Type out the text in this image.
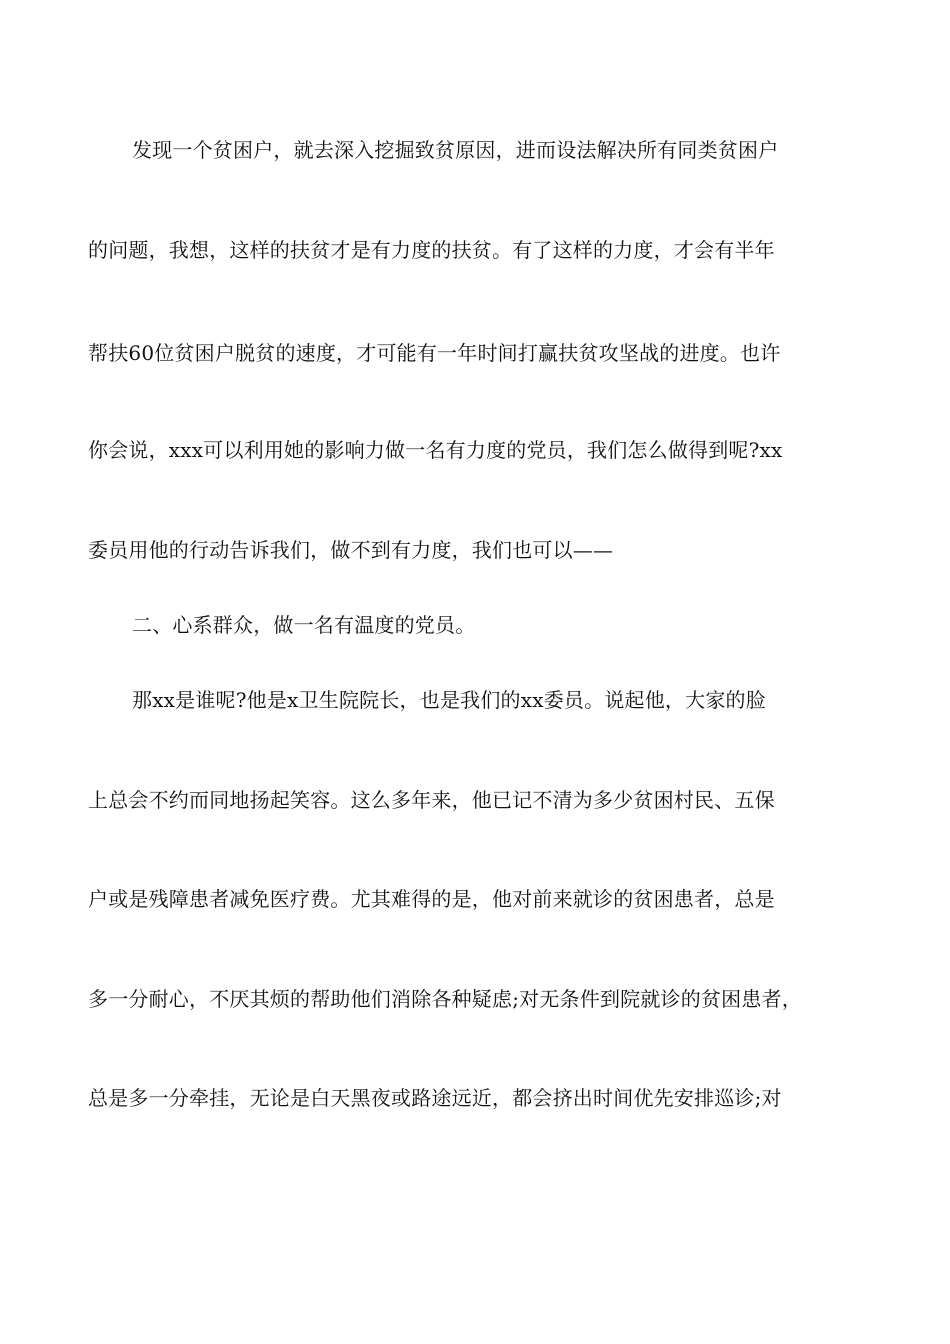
发现一个贫困户，就去深入挖掘致贫原因，进而设法解决所有同类贫困户
的问题，我想，这样的扶贫才是有力度的扶贫。有了这样的力度，才会有半年
帮扶60位贫困户脱贫的速度，才可能有一年时间打赢扶贫攻坚战的进度。也许
你会说，xxx可以利用她的影响力做一名有力度的党员，我们怎么做得到呢?xx
委员用他的行动告诉我们，做不到有力度，我们也可以——
二、心系群众，做一名有温度的党员。
那xx是谁呢?他是x卫生院院长，也是我们的xx委员。说起他，大家的脸
上总会不约而同地扬起笑容。这么多年来，他已记不清为多少贫困村民、五保
户或是残障患者减免医疗费。尤其难得的是，他对前来就诊的贫困患者，总是
多一分耐心，不厌其烦的帮助他们消除各种疑虑;对无条件到院就诊的贫困患者，
总是多一分牵挂，无论是白天黑夜或路途远近，都会挤出时间优先安排巡诊;对
